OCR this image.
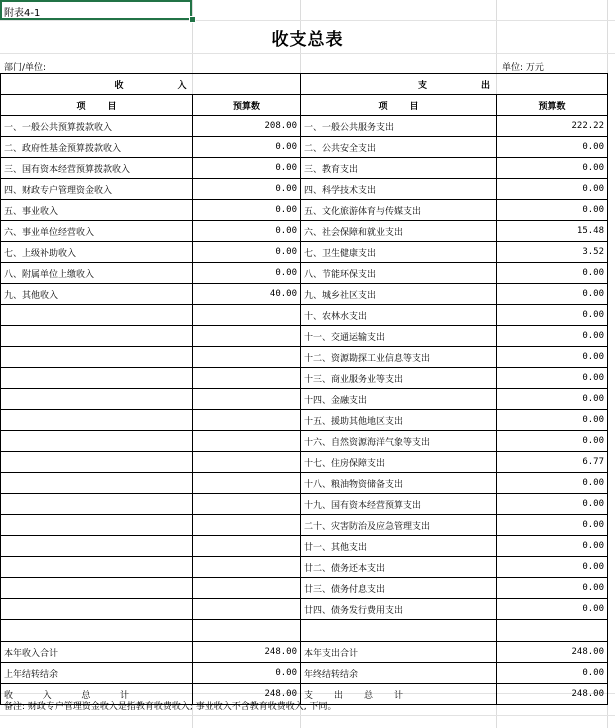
附表4-1
收支总表
部门/单位:	单位: 万元
收 入		支 出	

项 目	预算数	项 目	预算数
一、一般公共预算拨款收入	208.00	一、一般公共服务支出	222.22
二、政府性基金预算拨款收入	0.00	二、公共安全支出	0.00
三、国有资本经营预算拨款收入	0.00	三、教育支出	0.00
四、财政专户管理资金收入	0.00	四、科学技术支出	0.00
五、事业收入	0.00	五、文化旅游体育与传媒支出	0.00
六、事业单位经营收入	0.00	六、社会保障和就业支出	15.48
七、上级补助收入	0.00	七、卫生健康支出	3.52
八、附属单位上缴收入	0.00	八、节能环保支出	0.00
九、其他收入	40.00	九、城乡社区支出	0.00
		十、农林水支出	0.00
		十一、交通运输支出	0.00
		十二、资源勘探工业信息等支出	0.00
		十三、商业服务业等支出	0.00
		十四、金融支出	0.00
		十五、援助其他地区支出	0.00
		十六、自然资源海洋气象等支出	0.00
		十七、住房保障支出	6.77
		十八、粮油物资储备支出	0.00
		十九、国有资本经营预算支出	0.00
		二十、灾害防治及应急管理支出	0.00
		廿一、其他支出	0.00
		廿二、债务还本支出	0.00
		廿三、债务付息支出	0.00
		廿四、债务发行费用支出	0.00

本年收入合计	248.00	本年支出合计	248.00
上年结转结余	0.00	年终结转结余	0.00

收 入 总 计	248.00	支 出 总 计	248.00
备注: 财政专户管理资金收入是指教育收费收入; 事业收入不含教育收费收入, 下同。
